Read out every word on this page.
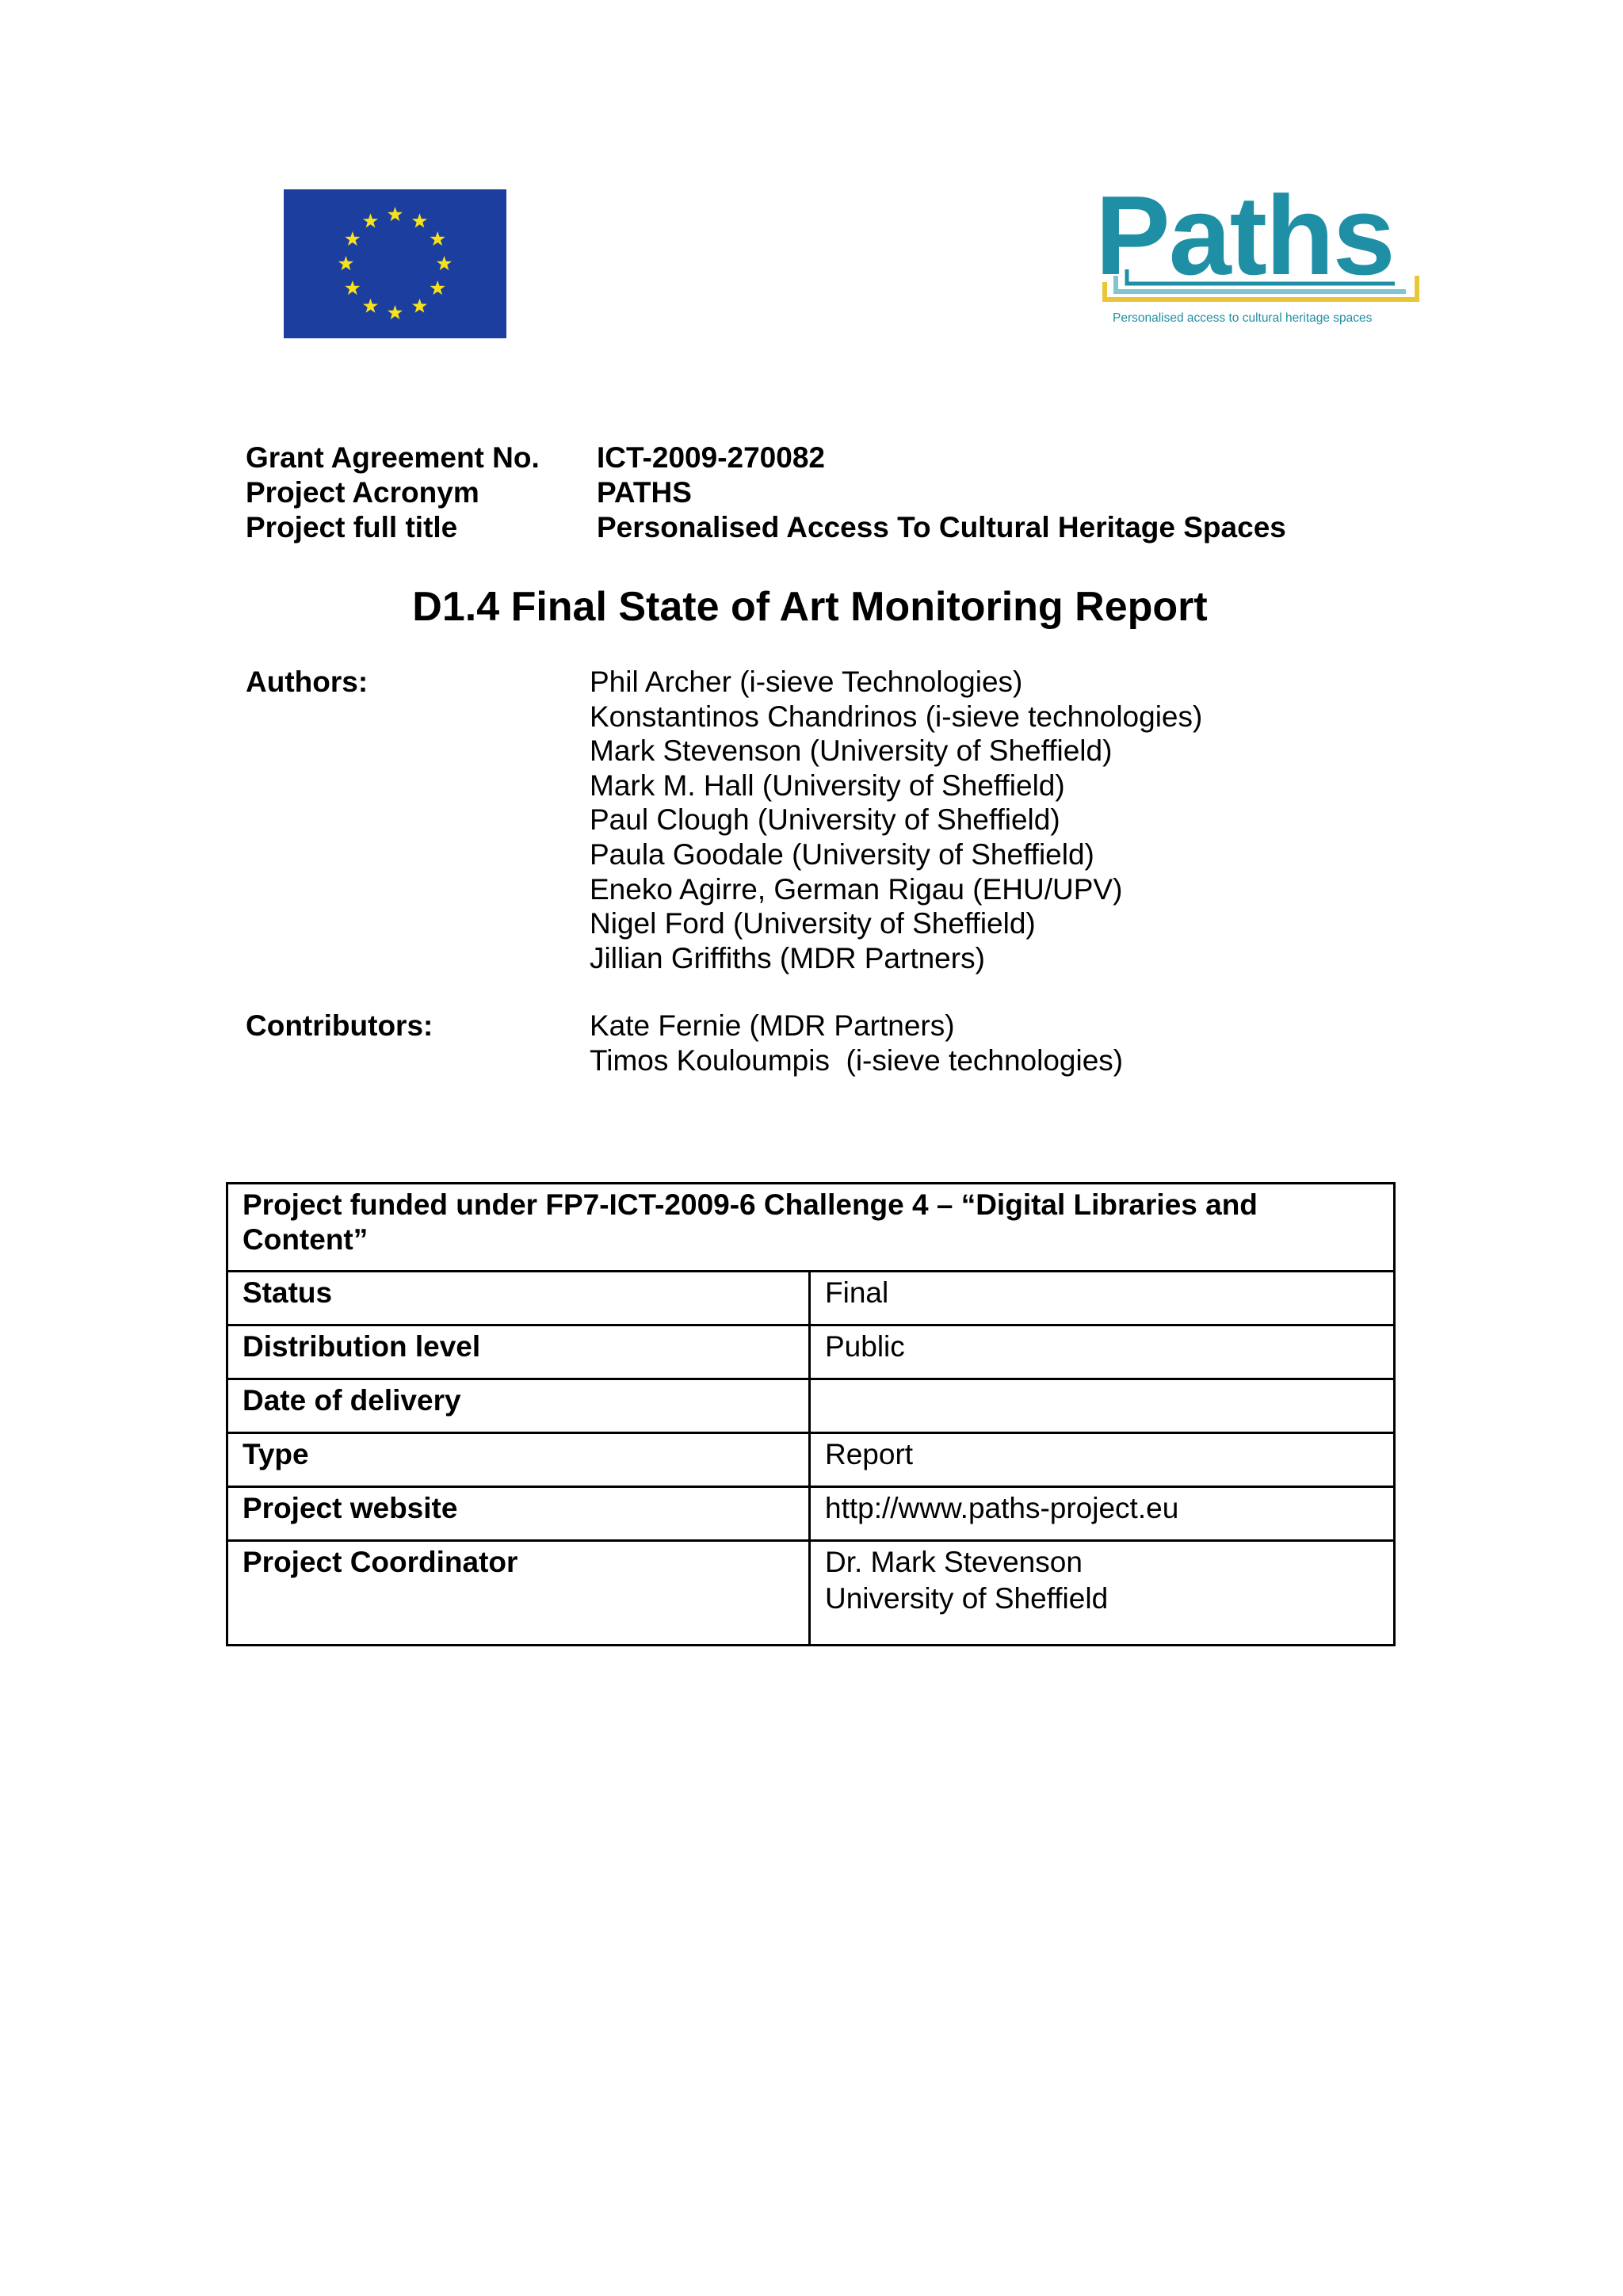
Paths
Personalised access to cultural heritage spaces
Grant Agreement No. ICT-2009-270082
Project Acronym	PATHS
Project full title	Personalised Access To Cultural Heritage Spaces
D1.4 Final State of Art Monitoring Report
Authors:	Phil Archer (i-sieve Technologies)
Konstantinos Chandrinos (i-sieve technologies)
Mark Stevenson (University of Sheffield)
Mark M. Hall (University of Sheffield)
Paul Clough (University of Sheffield)
Paula Goodale (University of Sheffield)
Eneko Agirre, German Rigau (EHU/UPV)
Nigel Ford (University of Sheffield)
Jillian Griffiths (MDR Partners)
Contributors:	Kate Fernie (MDR Partners)
Timos Kouloumpis  (i-sieve technologies)
Project funded under FP7-ICT-2009-6 Challenge 4 – “Digital Libraries and Content”	
Status	Final
Distribution level	Public
Date of delivery	
Type	Report
Project website	http://www.paths-project.eu
Project Coordinator	Dr. Mark Stevenson
University of Sheffield
